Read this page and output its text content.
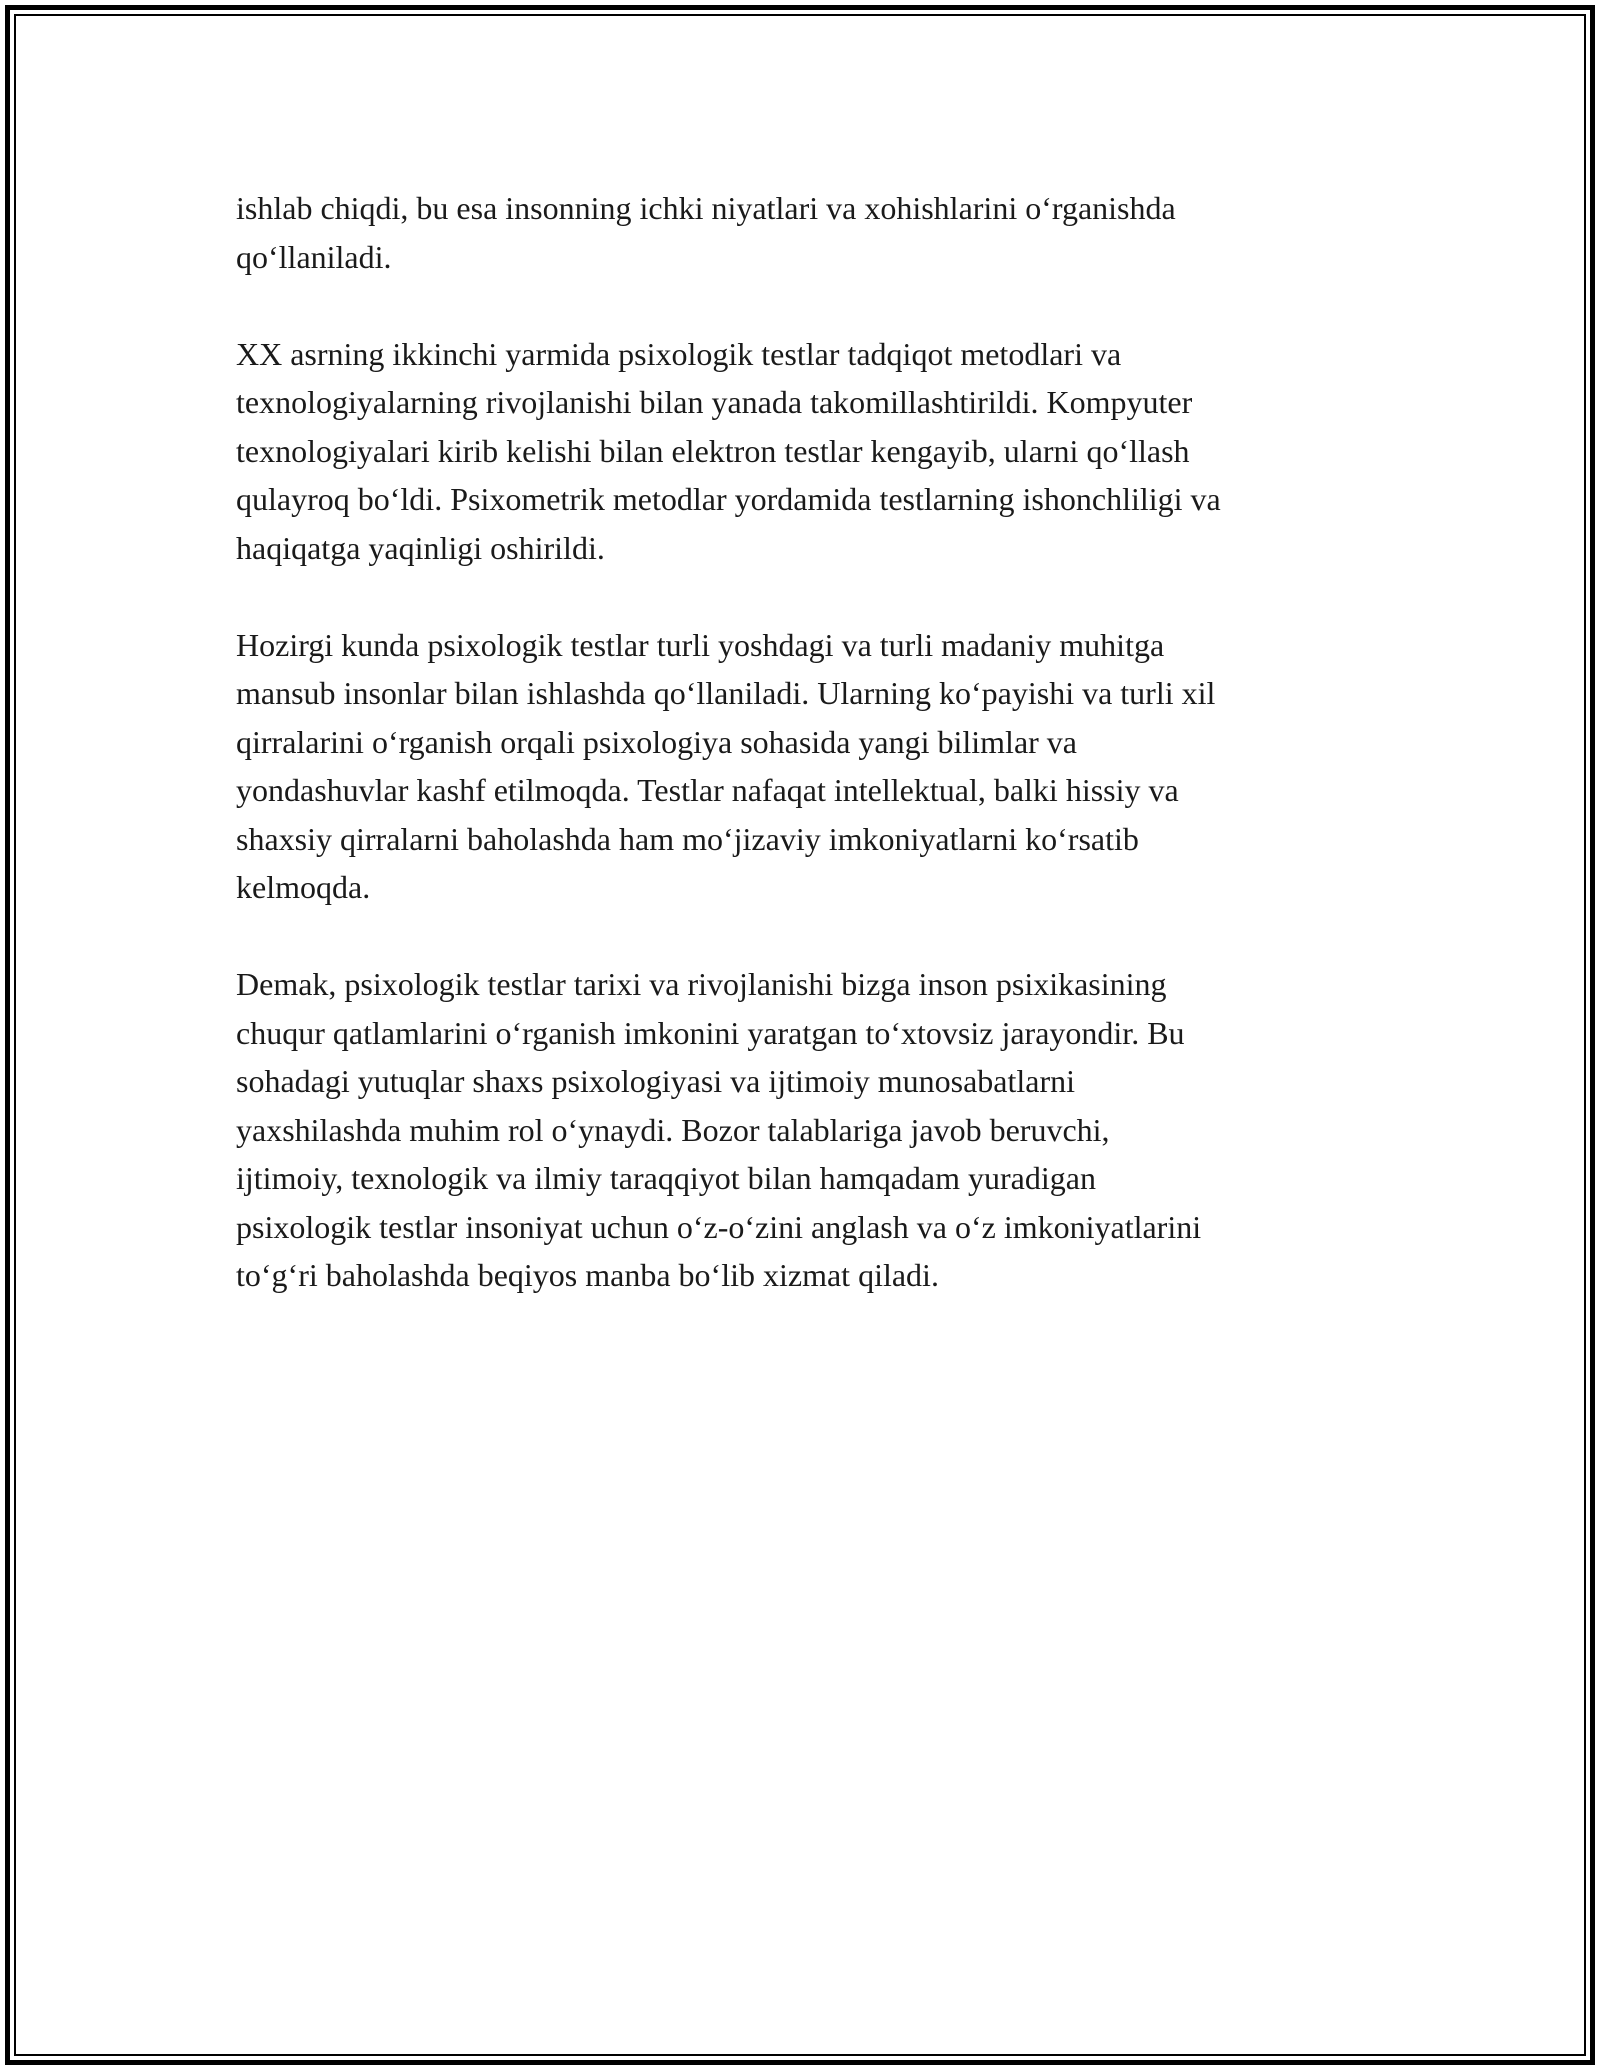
ishlab chiqdi, bu esa insonning ichki niyatlari va xohishlarini oʻrganishda
qoʻllaniladi.

XX asrning ikkinchi yarmida psixologik testlar tadqiqot metodlari va
texnologiyalarning rivojlanishi bilan yanada takomillashtirildi. Kompyuter
texnologiyalari kirib kelishi bilan elektron testlar kengayib, ularni qoʻllash
qulayroq boʻldi. Psixometrik metodlar yordamida testlarning ishonchliligi va
haqiqatga yaqinligi oshirildi.

Hozirgi kunda psixologik testlar turli yoshdagi va turli madaniy muhitga
mansub insonlar bilan ishlashda qoʻllaniladi. Ularning koʻpayishi va turli xil
qirralarini oʻrganish orqali psixologiya sohasida yangi bilimlar va
yondashuvlar kashf etilmoqda. Testlar nafaqat intellektual, balki hissiy va
shaxsiy qirralarni baholashda ham moʻjizaviy imkoniyatlarni koʻrsatib
kelmoqda.

Demak, psixologik testlar tarixi va rivojlanishi bizga inson psixikasining
chuqur qatlamlarini oʻrganish imkonini yaratgan toʻxtovsiz jarayondir. Bu
sohadagi yutuqlar shaxs psixologiyasi va ijtimoiy munosabatlarni
yaxshilashda muhim rol oʻynaydi. Bozor talablariga javob beruvchi,
ijtimoiy, texnologik va ilmiy taraqqiyot bilan hamqadam yuradigan
psixologik testlar insoniyat uchun oʻz-oʻzini anglash va oʻz imkoniyatlarini
toʻgʻri baholashda beqiyos manba boʻlib xizmat qiladi.
